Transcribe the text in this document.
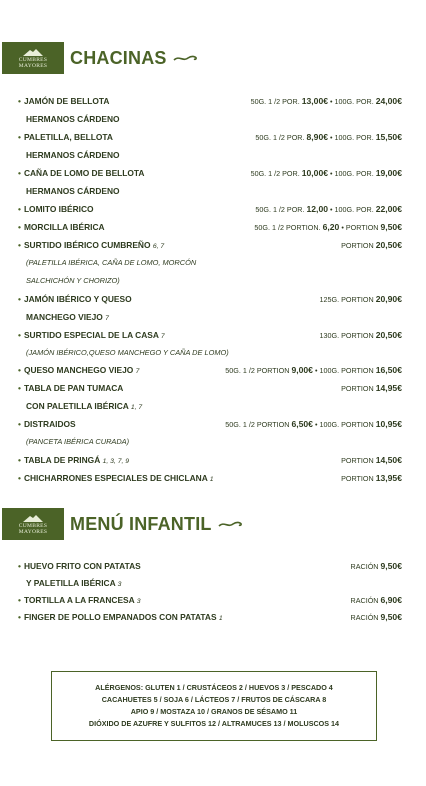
CUMBRES
MAYORES CHACINAS
• JAMÓN DE BELLOTA	50G. 1 /2 POR. 13,00€ • 100G. POR. 24,00€
HERMANOS CÁRDENO
• PALETILLA, BELLOTA	50G. 1 /2 POR. 8,90€ • 100G. POR. 15,50€
HERMANOS CÁRDENO
• CAÑA DE LOMO DE BELLOTA	50G. 1 /2 POR. 10,00€ • 100G. POR. 19,00€
HERMANOS CÁRDENO
• LOMITO IBÉRICO	50G. 1 /2 POR. 12,00 • 100G. POR. 22,00€
• MORCILLA IBÉRICA	50G. 1 /2 PORTION. 6,20 • PORTION 9,50€
• SURTIDO IBÉRICO CUMBREÑO 6, 7	PORTION 20,50€
(PALETILLA IBÉRICA, CAÑA DE LOMO, MORCÓN
SALCHICHÓN Y CHORIZO)
• JAMÓN IBÉRICO Y QUESO	125G. PORTION 20,90€
MANCHEGO VIEJO 7
• SURTIDO ESPECIAL DE LA CASA 7	130G. PORTION 20,50€
(JAMÓN IBÉRICO,QUESO MANCHEGO Y CAÑA DE LOMO)
• QUESO MANCHEGO VIEJO 7	50G. 1 /2 PORTION 9,00€ • 100G. PORTION 16,50€
• TABLA DE PAN TUMACA	PORTION 14,95€
CON PALETILLA IBÉRICA 1, 7
• DISTRAIDOS	50G. 1 /2 PORTION 6,50€ • 100G. PORTION 10,95€
(PANCETA IBÉRICA CURADA)
• TABLA DE PRINGÁ 1, 3, 7, 9	PORTION 14,50€
• CHICHARRONES ESPECIALES DE CHICLANA 1	PORTION 13,95€
CUMBRES
MAYORES MENÚ INFANTIL
• HUEVO FRITO CON PATATAS	RACIÓN 9,50€
Y PALETILLA IBÉRICA 3
• TORTILLA A LA FRANCESA 3	RACIÓN 6,90€
• FINGER DE POLLO EMPANADOS CON PATATAS 1	RACIÓN 9,50€
ALÉRGENOS: GLUTEN 1 / CRUSTÁCEOS 2 / HUEVOS 3 / PESCADO 4
CACAHUETES 5 / SOJA 6 / LÁCTEOS 7 / FRUTOS DE CÁSCARA 8
APIO 9 / MOSTAZA 10 / GRANOS DE SÉSAMO 11
DIÓXIDO DE AZUFRE Y SULFITOS 12 / ALTRAMUCES 13 / MOLUSCOS 14
